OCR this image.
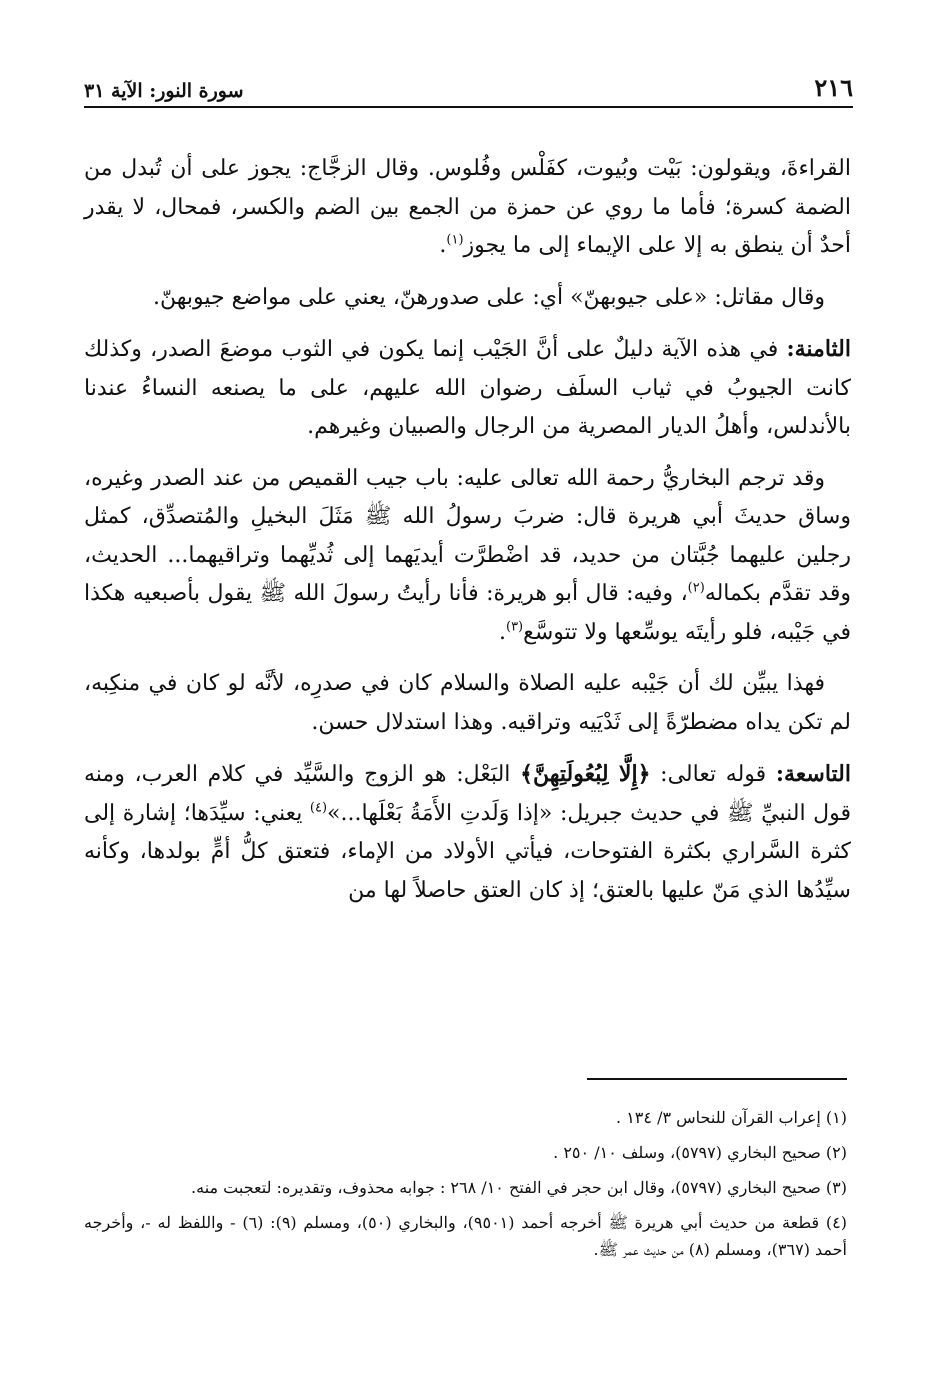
٢١٦
سورة النور: الآية ٣١

القراءةَ، ويقولون: بَيْت وبُيوت، كفَلْس وفُلوس. وقال الزجَّاج: يجوز على أن تُبدل من الضمة كسرة؛ فأما ما روي عن حمزة من الجمع بين الضم والكسر، فمحال، لا يقدر أحدٌ أن ينطق به إلا على الإيماء إلى ما يجوز$^{(١)}$.

وقال مقاتل: «على جيوبهنّ» أي: على صدورهنّ، يعني على مواضع جيوبهنّ.

الثامنة: في هذه الآية دليلٌ على أنَّ الجَيْب إنما يكون في الثوب موضعَ الصدر، وكذلك كانت الجيوبُ في ثياب السلَف رضوان الله عليهم، على ما يصنعه النساءُ عندنا بالأندلس، وأهلُ الديار المصرية من الرجال والصبيان وغيرهم.

وقد ترجم البخاريُّ رحمة الله تعالى عليه: باب جيب القميص من عند الصدر وغيره، وساق حديثَ أبي هريرة قال: ضربَ رسولُ الله ﷺ مَثَلَ البخيلِ والمُتصدِّق، كمثل رجلين عليهما جُبَّتان من حديد، قد اضْطرَّت أيديَهما إلى ثُديِّهما وتراقيهما... الحديث، وقد تقدَّم بكماله$^{(٢)}$، وفيه: قال أبو هريرة: فأنا رأيتُ رسولَ الله ﷺ يقول بأصبعيه هكذا في جَيْبه، فلو رأيتَه يوسِّعها ولا تتوسَّع$^{(٣)}$.

فهذا يبيِّن لك أن جَيْبه عليه الصلاة والسلام كان في صدرِه، لأنَّه لو كان في منكِبه، لم تكن يداه مضطرّةً إلى ثَدْيَيه وتراقيه. وهذا استدلال حسن.

التاسعة: قوله تعالى: ﴿إِلَّا لِبُعُولَتِهِنَّ﴾ البَعْل: هو الزوج والسَّيِّد في كلام العرب، ومنه قول النبيِّ ﷺ في حديث جبريل: «إذا وَلَدتِ الأَمَةُ بَعْلَها...»$^{(٤)}$ يعني: سيِّدَها؛ إشارة إلى كثرة السَّراري بكثرة الفتوحات، فيأتي الأولاد من الإماء، فتعتق كلُّ أمٍّ بولدها، وكأنه سيِّدُها الذي مَنّ عليها بالعتق؛ إذ كان العتق حاصلاً لها من

(١) إعراب القرآن للنحاس ٣/ ١٣٤ .

(٢) صحيح البخاري (٥٧٩٧)، وسلف ١٠/ ٢٥٠ .

(٣) صحيح البخاري (٥٧٩٧)، وقال ابن حجر في الفتح ١٠/ ٢٦٨ : جوابه محذوف، وتقديره: لتعجبت منه.

(٤) قطعة من حديث أبي هريرة ﷺ أخرجه أحمد (٩٥٠١)، والبخاري (٥٠)، ومسلم (٩): (٦) - واللفظ له -، وأخرجه أحمد (٣٦٧)، ومسلم (٨) من حديث عمر ﷺ.
